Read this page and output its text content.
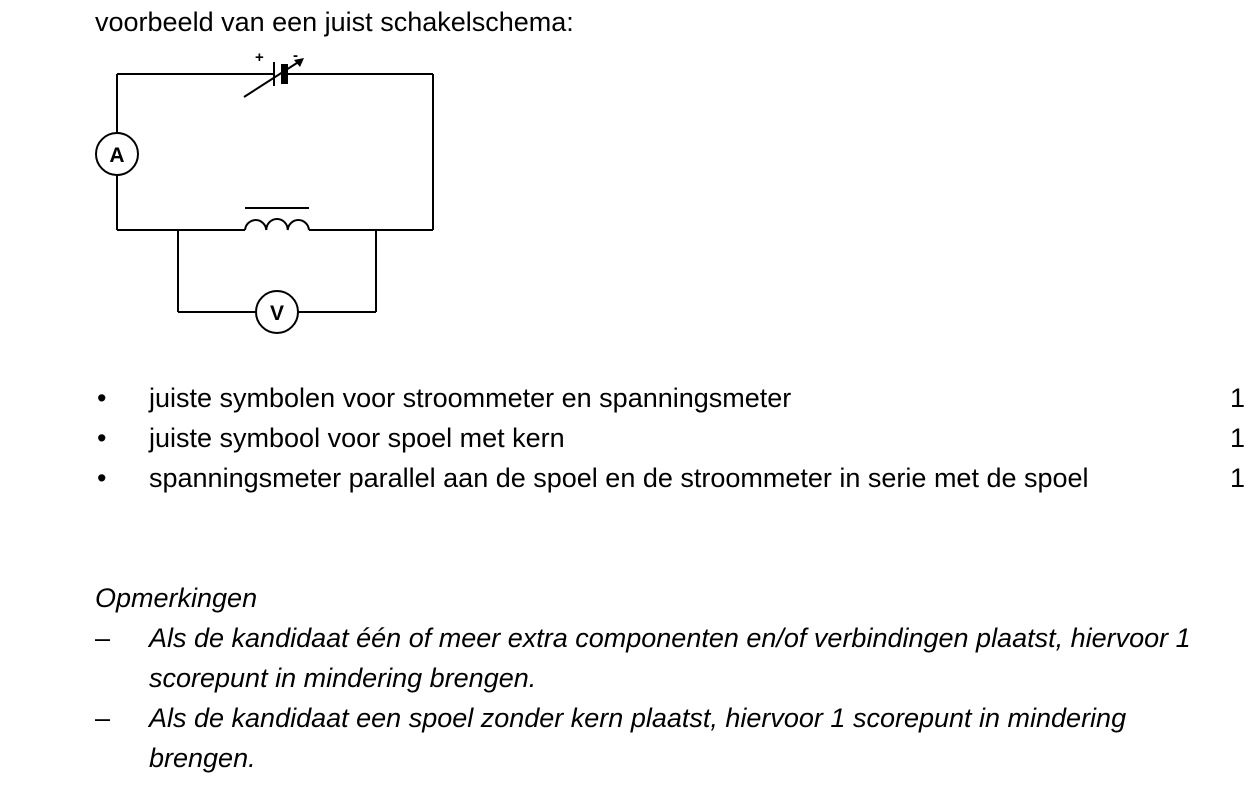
voorbeeld van een juist schakelschema:
+ -
A
V
• juiste symbolen voor stroommeter en spanningsmeter	1
• juiste symbool voor spoel met kern	1
• spanningsmeter parallel aan de spoel en de stroommeter in serie met de spoel	1
Opmerkingen
– Als de kandidaat één of meer extra componenten en/of verbindingen plaatst, hiervoor 1 scorepunt in mindering brengen.
– Als de kandidaat een spoel zonder kern plaatst, hiervoor 1 scorepunt in mindering brengen.
